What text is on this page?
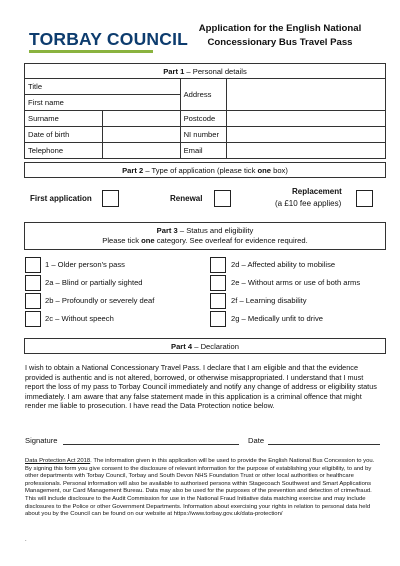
TORBAY COUNCIL
Application for the English National
Concessionary Bus Travel Pass
Part 1 – Personal details			
Title		Address	
First name			
Surname		Postcode	
Date of birth		NI number	
Telephone		Email	
Part 2 – Type of application (please tick one box)
First application	Renewal
Replacement
(a £10 fee applies)
Part 3 – Status and eligibility
Please tick one category. See overleaf for evidence required.
1 – Older person's pass
2a – Blind or partially sighted
2b – Profoundly or severely deaf
2c – Without speech
2d – Affected ability to mobilise
2e – Without arms or use of both arms
2f – Learning disability
2g – Medically unfit to drive
Part 4 – Declaration
I wish to obtain a National Concessionary Travel Pass. I declare that I am eligible and that the evidence provided is authentic and is not altered, borrowed, or otherwise misappropriated. I understand that I must report the loss of my pass to Torbay Council immediately and notify any change of address or eligibility status immediately. I am aware that any false statement made in this application is a criminal offence that might render me liable to prosecution. I have read the Data Protection notice below.
Signature	Date
Data Protection Act 2018. The information given in this application will be used to provide the English National Bus Concession to you. By signing this form you give consent to the disclosure of relevant information for the purpose of establishing your eligibility, to and by other departments with Torbay Council, Torbay and South Devon NHS Foundation Trust or other local authorities or healthcare professionals. Personal information will also be available to authorised persons within Stagecoach Southwest and Smart Applications Management, our Card Management Bureau. Data may also be used for the purposes of the prevention and detection of crime/fraud. This will include disclosure to the Audit Commission for use in the National Fraud Initiative data matching exercise and may include disclosures to the Police or other Government Departments. Information about exercising your rights in relation to personal data held about you by the Council can be found on our website at https://www.torbay.gov.uk/data-protection/
.
